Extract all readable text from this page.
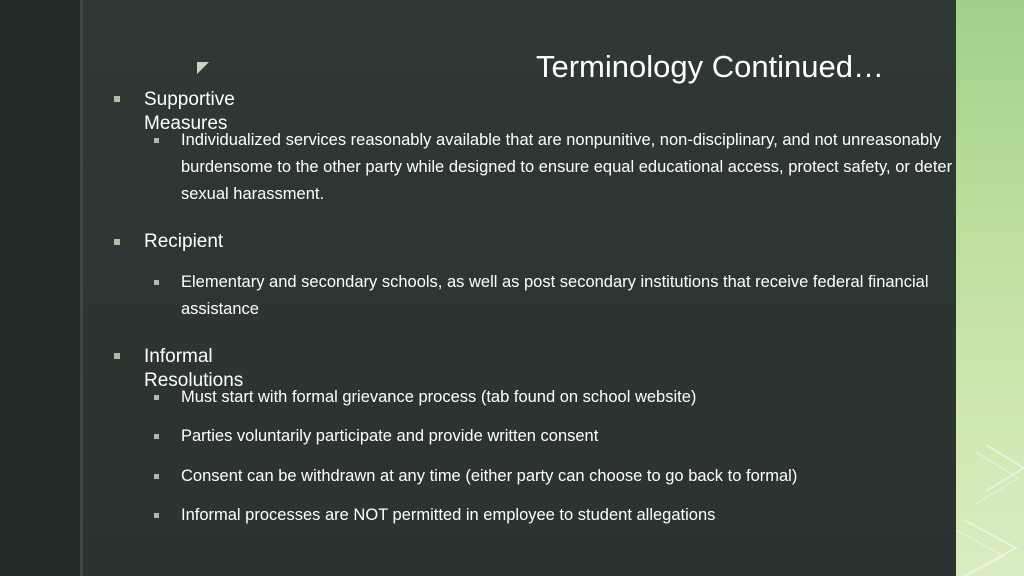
Terminology Continued…
Supportive Measures
Individualized services reasonably available that are nonpunitive, non-disciplinary, and not unreasonably burdensome to the other party while designed to ensure equal educational access, protect safety, or deter sexual harassment.
Recipient
Elementary and secondary schools, as well as post secondary institutions that receive federal financial assistance
Informal Resolutions
Must start with formal grievance process (tab found on school website)
Parties voluntarily participate and provide written consent
Consent can be withdrawn at any time (either party can choose to go back to formal)
Informal processes are NOT permitted in employee to student allegations
